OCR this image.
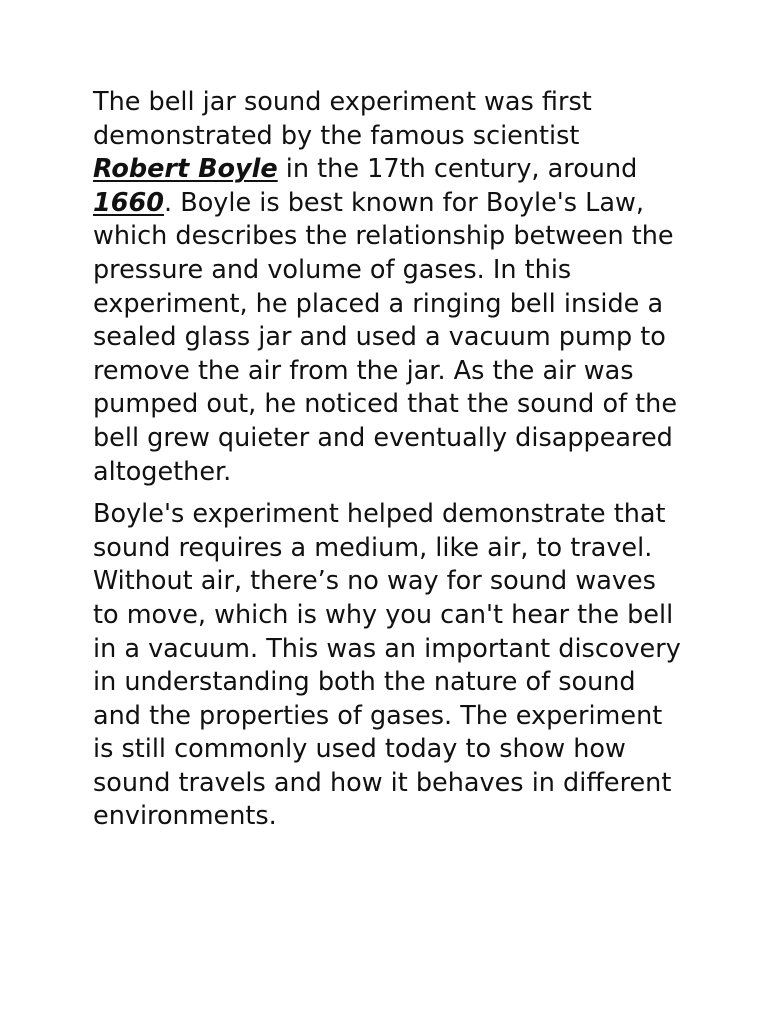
The bell jar sound experiment was first demonstrated by the famous scientist Robert Boyle in the 17th century, around 1660. Boyle is best known for Boyle's Law, which describes the relationship between the pressure and volume of gases. In this experiment, he placed a ringing bell inside a sealed glass jar and used a vacuum pump to remove the air from the jar. As the air was pumped out, he noticed that the sound of the bell grew quieter and eventually disappeared altogether.

Boyle's experiment helped demonstrate that sound requires a medium, like air, to travel. Without air, there’s no way for sound waves to move, which is why you can't hear the bell in a vacuum. This was an important discovery in understanding both the nature of sound and the properties of gases. The experiment is still commonly used today to show how sound travels and how it behaves in different environments.
